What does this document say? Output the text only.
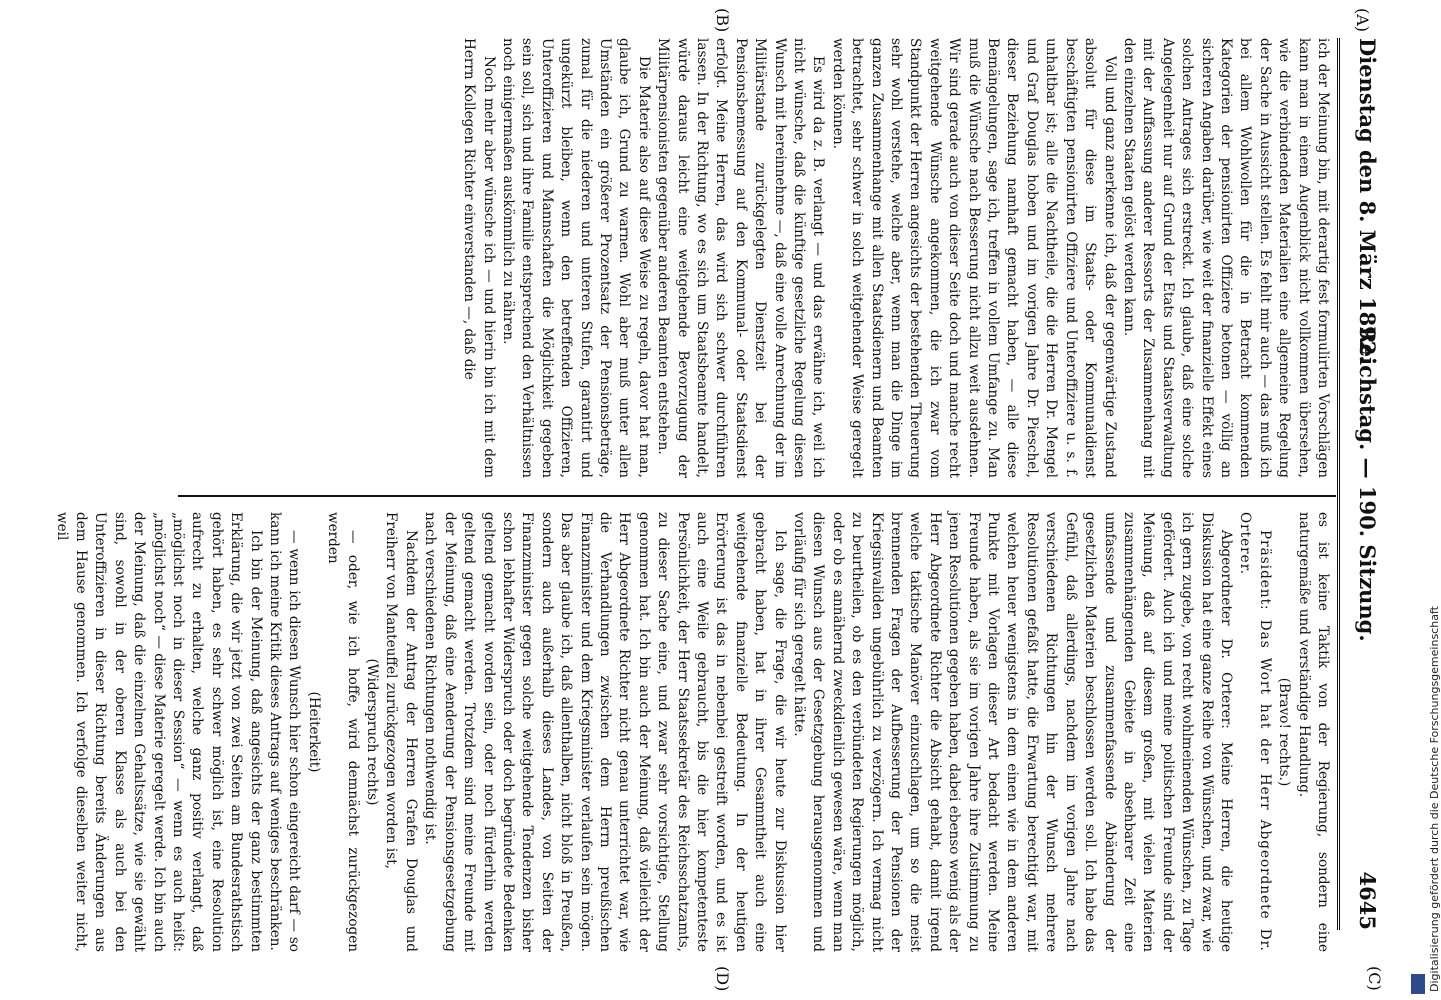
Dienstag den 8. März 1892.
Reichstag. — 190. Sitzung.
4645
(C)
(D)
(A)
(B)

ich der Meinung bin, mit derartig fest formulirten Vorschlägen kann man in einem Augenblick nicht vollkommen übersehen, wie die verbindenden Materialien eine allgemeine Regelung der Sache in Aussicht stellen. Es fehlt mir auch — das muß ich bei allem Wohlwollen für die in Betracht kommenden Kategorien der pensionirten Offiziere betonen — völlig an sicheren Angaben darüber, wie weit der finanzielle Effekt eines solchen Antrages sich erstreckt. Ich glaube, daß eine solche Angelegenheit nur auf Grund der Etats und Staatsverwaltung mit der Auffassung anderer Ressorts der Zusammenhang mit den einzelnen Staaten gelöst werden kann.

Voll und ganz anerkenne ich, daß der gegenwärtige Zustand absolut für diese im Staats- oder Kommunaldienst beschäftigten pensionirten Offiziere und Unteroffiziere u. s. f. unhaltbar ist; alle die Nachtheile, die die Herren Dr. Mengel und Graf Douglas hoben und im vorigen Jahre Dr. Pieschel, dieser Beziehung namhaft gemacht haben, — alle diese Bemängelungen, sage ich, treffen in vollem Umfange zu. Man muß die Wünsche nach Besserung nicht allzu weit ausdehnen. Wir sind gerade auch von dieser Seite doch und manche recht weitgehende Wünsche angekommen, die ich zwar vom Standpunkt der Herren angesichts der bestehenden Theuerung sehr wohl verstehe, welche aber, wenn man die Dinge im ganzen Zusammenhange mit allen Staatsdienern und Beamten betrachtet, sehr schwer in solch weitgehender Weise geregelt werden können.

Es wird da z. B. verlangt — und das erwähne ich, weil ich nicht wünsche, daß die künftige gesetzliche Regelung diesen Wunsch mit hereinnehme —, daß eine volle Anrechnung der im Militärstande zurückgelegten Dienstzeit bei der Pensionsbemessung auf den Kommunal- oder Staatsdienst erfolgt. Meine Herren, das wird sich schwer durchführen lassen. In der Richtung, wo es sich um Staatsbeamte handelt, würde daraus leicht eine weitgehende Bevorzugung der Militärpensionisten gegenüber anderen Beamten entstehen.

Die Materie also auf diese Weise zu regeln, davor hat man, glaube ich, Grund zu warnen. Wohl aber muß unter allen Umständen ein größerer Prozentsatz der Pensionsbeträge, zumal für die niederen und unteren Stufen, garantirt und ungekürzt bleiben, wenn den betreffenden Offizieren, Unteroffizieren und Mannschaften die Möglichkeit gegeben sein soll, sich und ihre Familie entsprechend den Verhältnissen noch einigermaßen auskömmlich zu nähren.

Noch mehr aber wünsche ich — und hierin bin ich mit dem Herrn Kollegen Richter einverstanden —, daß die

es ist keine Taktik von der Regierung, sondern eine naturgemäße und verständige Handlung.

(Bravo! rechts.)

Präsident: Das Wort hat der Herr Abgeordnete Dr. Orterer.

Abgeordneter Dr. Orterer: Meine Herren, die heutige Diskussion hat eine ganze Reihe von Wünschen, und zwar, wie ich gern zugebe, von recht wohlmeinenden Wünschen, zu Tage gefördert. Auch ich und meine politischen Freunde sind der Meinung, daß auf diesem großen, mit vielen Materien zusammenhängenden Gebiete in absehbarer Zeit eine umfassende und zusammenfassende Abänderung der gesetzlichen Materien beschlossen werden soll. Ich habe das Gefühl, daß allerdings, nachdem im vorigen Jahre nach verschiedenen Richtungen hin der Wunsch mehrere Resolutionen gefaßt hatte, die Erwartung berechtigt war, mit welchen heuer wenigstens in dem einen wie in dem anderen Punkte mit Vorlagen dieser Art bedacht werden. Meine Freunde haben, als sie im vorigen Jahre ihre Zustimmung zu jenen Resolutionen gegeben haben, dabei ebenso wenig als der Herr Abgeordnete Richter die Absicht gehabt, damit irgend welche taktische Manöver einzuschlagen, um so die meist brennenden Fragen der Aufbesserung der Pensionen der Kriegsinvaliden ungebührlich zu verzögern. Ich vermag nicht zu beurtheilen, ob es den verbündeten Regierungen möglich, oder ob es annähernd zweckdienlich gewesen wäre, wenn man diesen Wunsch aus der Gesetzgebung herausgenommen und vorläufig für sich geregelt hätte.

Ich sage, die Frage, die wir heute zur Diskussion hier gebracht haben, hat in ihrer Gesammtheit auch eine weitgehende finanzielle Bedeutung. In der heutigen Erörterung ist das in nebenbei gestreift worden, und es ist auch eine Weile gebraucht, bis die hier kompetenteste Persönlichkeit, der Herr Staatssekretär des Reichsschatzamts, zu dieser Sache eine, und zwar sehr vorsichtige, Stellung genommen hat. Ich bin auch der Meinung, daß vielleicht der Herr Abgeordnete Richter nicht genau unterrichtet war, wie die Verhandlungen zwischen dem Herrn preußischen Finanzminister und dem Kriegsminister verlaufen sein mögen. Das aber glaube ich, daß allenthalben, nicht bloß in Preußen, sondern auch außerhalb dieses Landes, von Seiten der Finanzminister gegen solche weitgehende Tendenzen bisher schon lebhafter Widerspruch oder doch begründete Bedenken geltend gemacht worden sein, oder noch fürderhin werden geltend gemacht werden. Trotzdem sind meine Freunde mit der Meinung, daß eine Aenderung der Pensionsgesetzgebung nach verschiedenen Richtungen nothwendig ist.

Nachdem der Antrag der Herren Grafen Douglas und Freiherr von Manteuffel zurückgezogen worden ist,

(Widerspruch rechts)

— oder, wie ich hoffe, wird demnächst zurückgezogen werden

(Heiterkeit)

— wenn ich diesen Wunsch hier schon eingereicht darf — so kann ich meine Kritik dieses Antrags auf weniges beschränken.

Ich bin der Meinung, daß angesichts der ganz bestimmten Erklärung, die wir jetzt von zwei Seiten am Bundesrathstisch gehört haben, es sehr schwer möglich ist, eine Resolution aufrecht zu erhalten, welche ganz positiv verlangt, daß „möglichst noch in dieser Session“ — wenn es auch heißt: „möglichst noch“ — diese Materie geregelt werde. Ich bin auch der Meinung, daß die einzelnen Gehaltssätze, wie sie gewählt sind, sowohl in der oberen Klasse als auch bei den Unteroffizieren in dieser Richtung bereits Änderungen aus dem Hause genommen. Ich verfolge dieselben weiter nicht, weil

Digitalisierung gefördert durch die Deutsche Forschungsgemeinschaft
